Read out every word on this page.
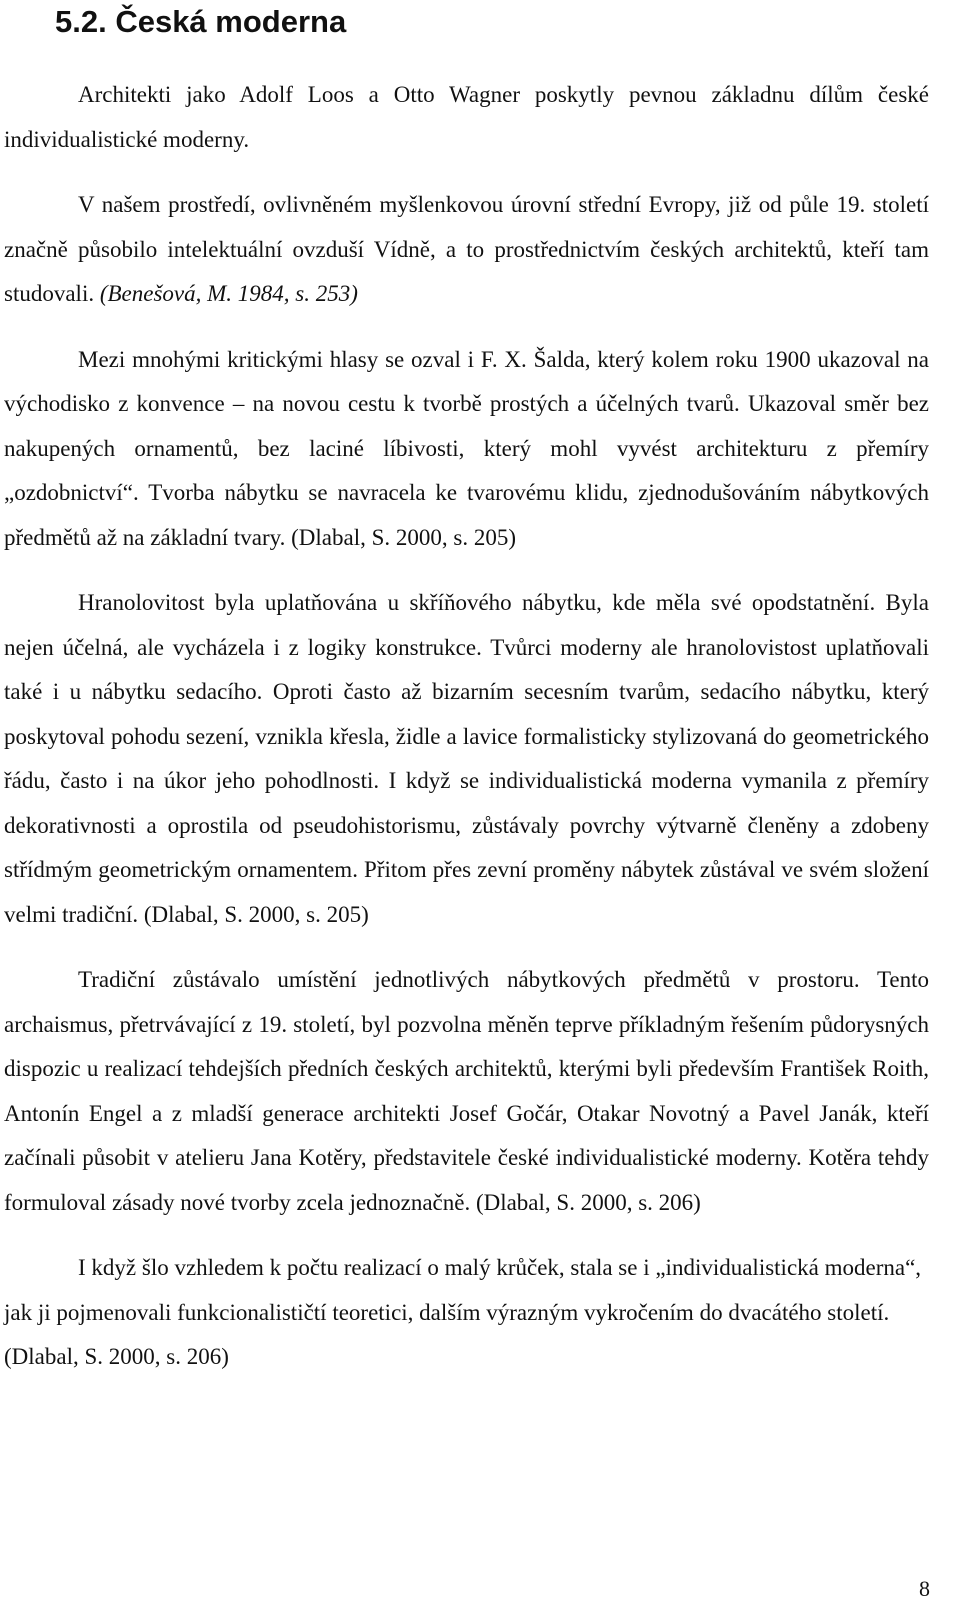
5.2. Česká moderna

Architekti jako Adolf Loos a Otto Wagner poskytly pevnou základnu dílům české individualistické moderny.

V našem prostředí, ovlivněném myšlenkovou úrovní střední Evropy, již od půle 19. století značně působilo intelektuální ovzduší Vídně, a to prostřednictvím českých architektů, kteří tam studovali. (Benešová, M. 1984, s. 253)

Mezi mnohými kritickými hlasy se ozval i F. X. Šalda, který kolem roku 1900 ukazoval na východisko z konvence – na novou cestu k tvorbě prostých a účelných tvarů. Ukazoval směr bez nakupených ornamentů, bez laciné líbivosti, který mohl vyvést architekturu z přemíry „ozdobnictví“. Tvorba nábytku se navracela ke tvarovému klidu, zjednodušováním nábytkových předmětů až na základní tvary. (Dlabal, S. 2000, s. 205)

Hranolovitost byla uplatňována u skříňového nábytku, kde měla své opodstatnění. Byla nejen účelná, ale vycházela i z logiky konstrukce. Tvůrci moderny ale hranolovistost uplatňovali také i u nábytku sedacího. Oproti často až bizarním secesním tvarům, sedacího nábytku, který poskytoval pohodu sezení, vznikla křesla, židle a lavice formalisticky stylizovaná do geometrického řádu, často i na úkor jeho pohodlnosti. I když se individualistická moderna vymanila z přemíry dekorativnosti a oprostila od pseudohistorismu, zůstávaly povrchy výtvarně členěny a zdobeny střídmým geometrickým ornamentem. Přitom přes zevní proměny nábytek zůstával ve svém složení velmi tradiční. (Dlabal, S. 2000, s. 205)

Tradiční zůstávalo umístění jednotlivých nábytkových předmětů v prostoru. Tento archaismus, přetrvávající z 19. století, byl pozvolna měněn teprve příkladným řešením půdorysných dispozic u realizací tehdejších předních českých architektů, kterými byli především František Roith, Antonín Engel a z mladší generace architekti Josef Gočár, Otakar Novotný a Pavel Janák, kteří začínali působit v atelieru Jana Kotěry, představitele české individualistické moderny. Kotěra tehdy formuloval zásady nové tvorby zcela jednoznačně. (Dlabal, S. 2000, s. 206)

I když šlo vzhledem k počtu realizací o malý krůček, stala se i „individualistická moderna“, jak ji pojmenovali funkcionalističtí teoretici, dalším výrazným vykročením do dvacátého století. (Dlabal, S. 2000, s. 206)

8
